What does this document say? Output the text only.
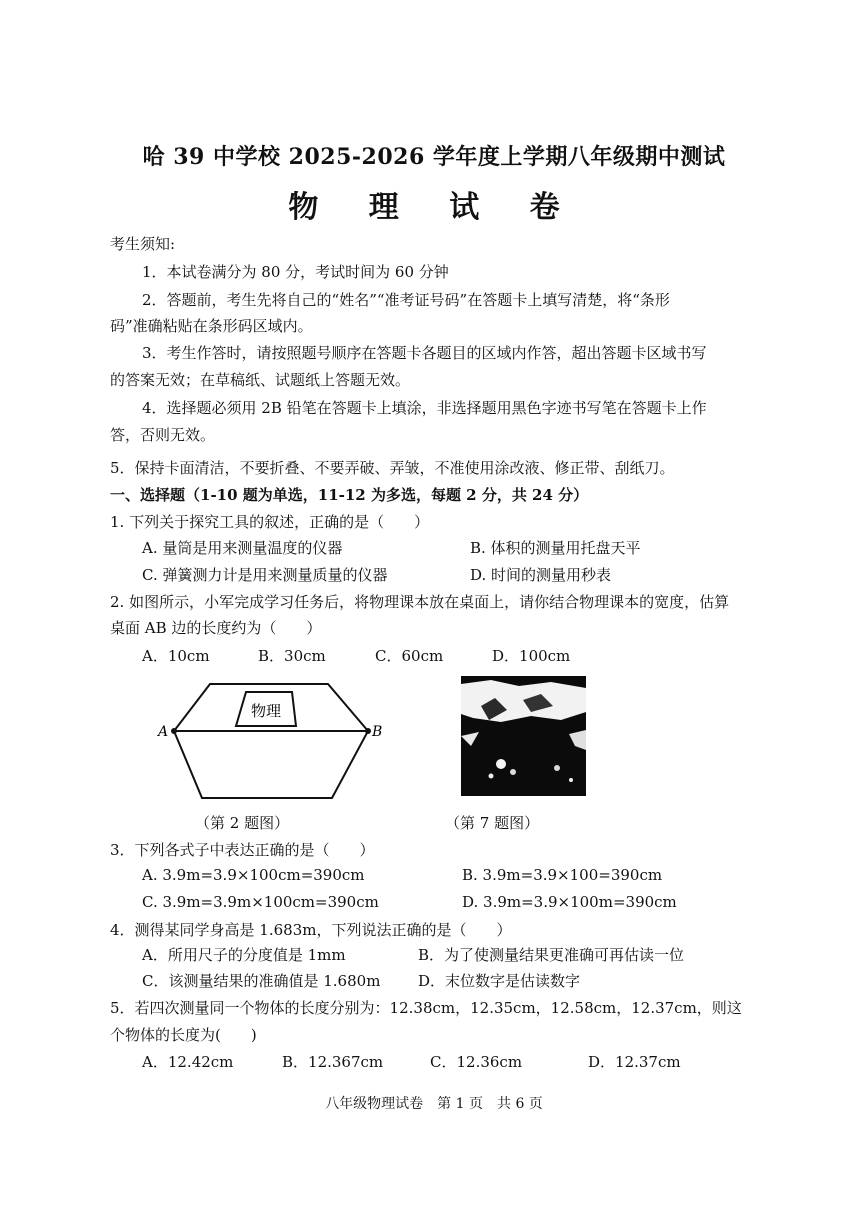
哈 39 中学校 2025-2026 学年度上学期八年级期中测试
物 理 试 卷
考生须知:
1．本试卷满分为 80 分，考试时间为 60 分钟
2．答题前，考生先将自己的“姓名”“准考证号码”在答题卡上填写清楚，将“条形
码”准确粘贴在条形码区域内。
3．考生作答时，请按照题号顺序在答题卡各题目的区域内作答，超出答题卡区域书写
的答案无效；在草稿纸、试题纸上答题无效。
4．选择题必须用 2B 铅笔在答题卡上填涂，非选择题用黑色字迹书写笔在答题卡上作
答，否则无效。
5．保持卡面清洁，不要折叠、不要弄破、弄皱，不准使用涂改液、修正带、刮纸刀。
一、选择题（1-10 题为单选，11-12 为多选，每题 2 分，共 24 分）
1. 下列关于探究工具的叙述，正确的是（　　）
A. 量筒是用来测量温度的仪器	B. 体积的测量用托盘天平
C. 弹簧测力计是用来测量质量的仪器	D. 时间的测量用秒表
2. 如图所示，小军完成学习任务后，将物理课本放在桌面上，请你结合物理课本的宽度，估算
桌面 AB 边的长度约为（　　）
A．10cm	B．30cm	C．60cm	D．100cm
物理
A	B
（第 2 题图）	（第 7 题图）
3．下列各式子中表达正确的是（　　）
A. 3.9m=3.9×100cm=390cm	B. 3.9m=3.9×100=390cm
C. 3.9m=3.9m×100cm=390cm	D. 3.9m=3.9×100m=390cm
4．测得某同学身高是 1.683m，下列说法正确的是（　　）
A．所用尺子的分度值是 1mm	B．为了使测量结果更准确可再估读一位
C．该测量结果的准确值是 1.680m	D．末位数字是估读数字
5．若四次测量同一个物体的长度分别为：12.38cm，12.35cm，12.58cm，12.37cm，则这
个物体的长度为(　　)
A．12.42cm	B．12.367cm	C．12.36cm	D．12.37cm
八年级物理试卷　第 1 页　共 6 页
